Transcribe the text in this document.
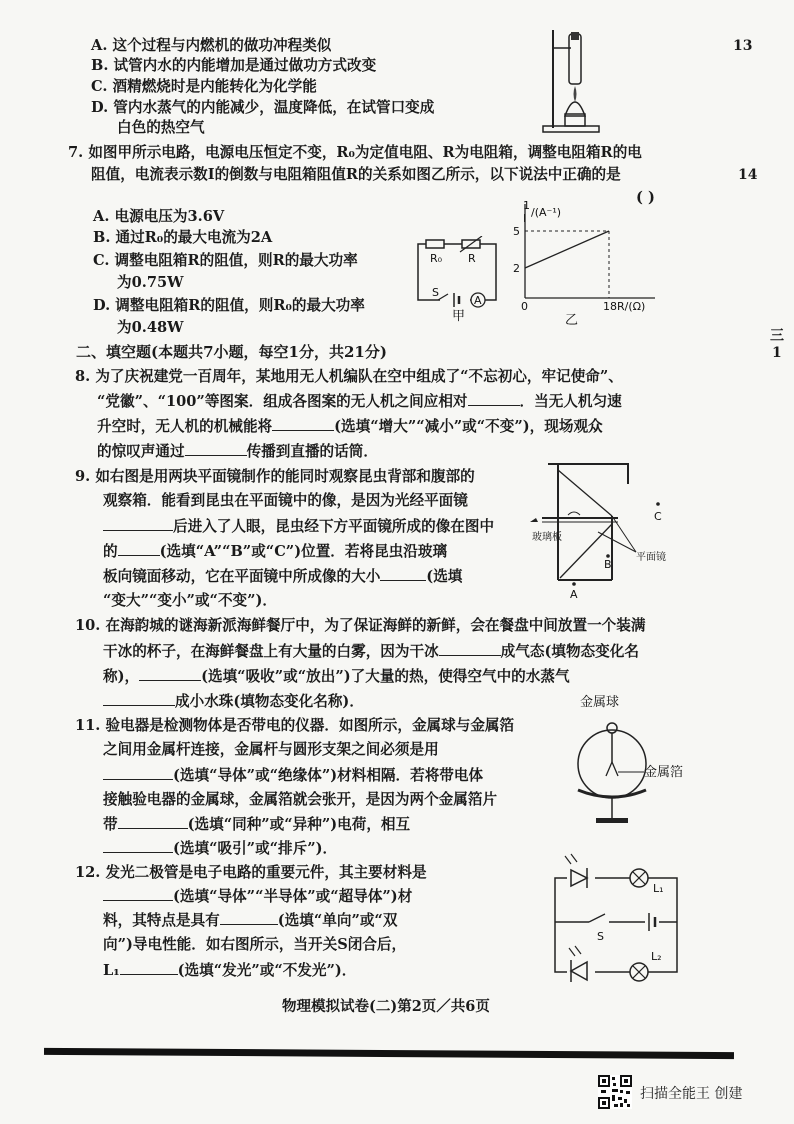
13
14
三
1
A. 这个过程与内燃机的做功冲程类似
B. 试管内水的内能增加是通过做功方式改变
C. 酒精燃烧时是内能转化为化学能
D. 管内水蒸气的内能减少，温度降低，在试管口变成
白色的热空气
7. 如图甲所示电路，电源电压恒定不变，R₀为定值电阻、R为电阻箱，调整电阻箱R的电
阻值，电流表示数I的倒数与电阻箱阻值R的关系如图乙所示，以下说法中正确的是
( )
A. 电源电压为3.6V
B. 通过R₀的最大电流为2A
C. 调整电阻箱R的阻值，则R的最大功率
为0.75W
D. 调整电阻箱R的阻值，则R₀的最大功率
为0.48W
A
R₀ R
S
甲
1
I /(A⁻¹)
5
2
0	18 R/(Ω)
乙
二、填空题(本题共7小题，每空1分，共21分)
8. 为了庆祝建党一百周年，某地用无人机编队在空中组成了“不忘初心，牢记使命”、
“党徽”、“100”等图案．组成各图案的无人机之间应相对	．当无人机匀速
升空时，无人机的机械能将	(选填“增大”“减小”或“不变”)，现场观众
的惊叹声通过	传播到直播的话筒．
9. 如右图是用两块平面镜制作的能同时观察昆虫背部和腹部的
观察箱．能看到昆虫在平面镜中的像，是因为光经平面镜
后进入了人眼，昆虫经下方平面镜所成的像在图中
的	(选填“A”“B”或“C”)位置．若将昆虫沿玻璃
板向镜面移动，它在平面镜中所成像的大小	(选填
“变大”“变小”或“不变”)．
C
B
A
玻璃板
平面镜
10. 在海韵城的谜海新派海鲜餐厅中，为了保证海鲜的新鲜，会在餐盘中间放置一个装满
干冰的杯子，在海鲜餐盘上有大量的白雾，因为干冰	成气态(填物态变化名
称)，	(选填“吸收”或“放出”)了大量的热，使得空气中的水蒸气
成小水珠(填物态变化名称)．
11. 验电器是检测物体是否带电的仪器．如图所示，金属球与金属箔
之间用金属杆连接，金属杆与圆形支架之间必须是用
(选填“导体”或“绝缘体”)材料相隔．若将带电体
接触验电器的金属球，金属箔就会张开，是因为两个金属箔片
带	(选填“同种”或“异种”)电荷，相互
(选填“吸引”或“排斥”)．
金属球
金属箔
12. 发光二极管是电子电路的重要元件，其主要材料是
(选填“导体”“半导体”或“超导体”)材
料，其特点是具有	(选填“单向”或“双
向”)导电性能．如右图所示，当开关S闭合后，
L₁	(选填“发光”或“不发光”)．
L₁
S
L₂
物理模拟试卷(二)第2页／共6页
扫描全能王 创建
